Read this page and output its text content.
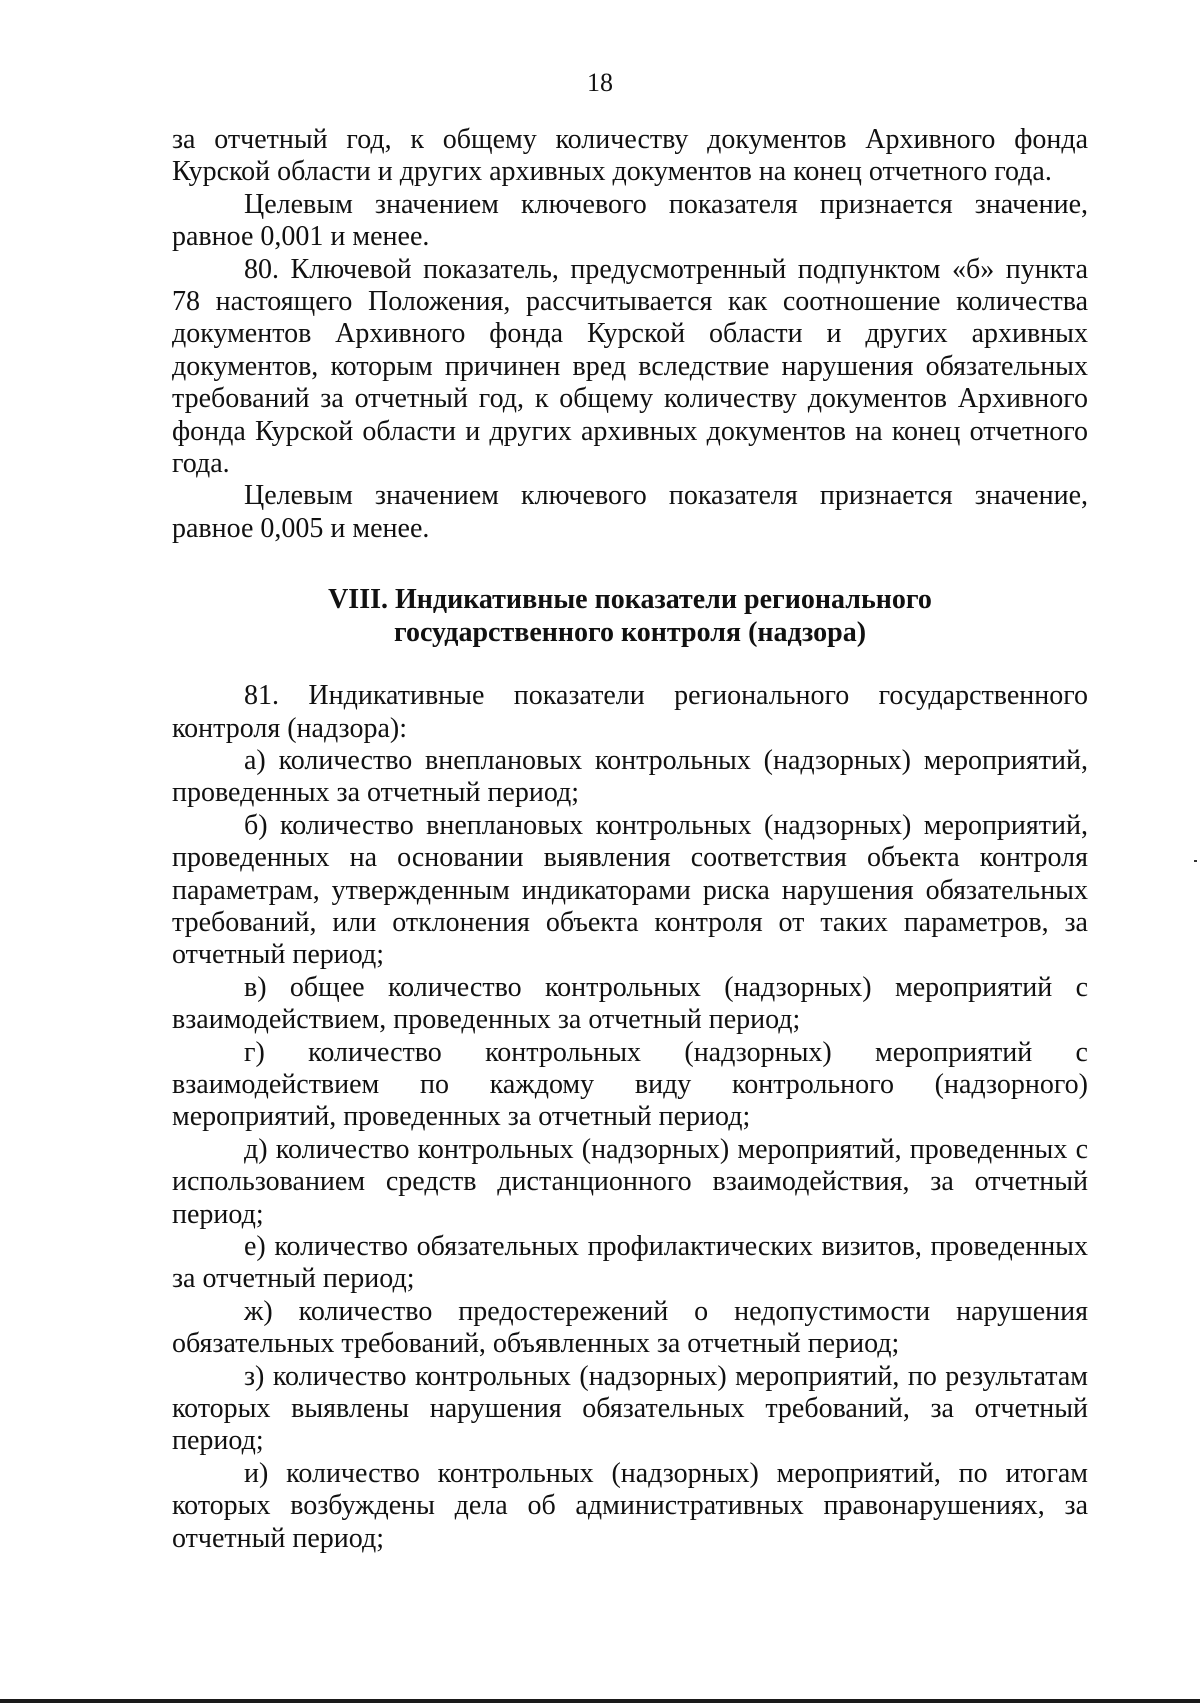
18

за отчетный год, к общему количеству документов Архивного фонда Курской области и других архивных документов на конец отчетного года.

Целевым значением ключевого показателя признается значение, равное 0,001 и менее.

80. Ключевой показатель, предусмотренный подпунктом «б» пункта 78 настоящего Положения, рассчитывается как соотношение количества документов Архивного фонда Курской области и других архивных документов, которым причинен вред вследствие нарушения обязательных требований за отчетный год, к общему количеству документов Архивного фонда Курской области и других архивных документов на конец отчетного года.

Целевым значением ключевого показателя признается значение, равное 0,005 и менее.

VIII. Индикативные показатели регионального
государственного контроля (надзора)

81. Индикативные показатели регионального государственного контроля (надзора):

а) количество внеплановых контрольных (надзорных) мероприятий, проведенных за отчетный период;

б) количество внеплановых контрольных (надзорных) мероприятий, проведенных на основании выявления соответствия объекта контроля параметрам, утвержденным индикаторами риска нарушения обязательных требований, или отклонения объекта контроля от таких параметров, за отчетный период;

в) общее количество контрольных (надзорных) мероприятий с взаимодействием, проведенных за отчетный период;

г) количество контрольных (надзорных) мероприятий с взаимодействием по каждому виду контрольного (надзорного) мероприятий, проведенных за отчетный период;

д) количество контрольных (надзорных) мероприятий, проведенных с использованием средств дистанционного взаимодействия, за отчетный период;

е) количество обязательных профилактических визитов, проведенных за отчетный период;

ж) количество предостережений о недопустимости нарушения обязательных требований, объявленных за отчетный период;

з) количество контрольных (надзорных) мероприятий, по результатам которых выявлены нарушения обязательных требований, за отчетный период;

и) количество контрольных (надзорных) мероприятий, по итогам которых возбуждены дела об административных правонарушениях, за отчетный период;
